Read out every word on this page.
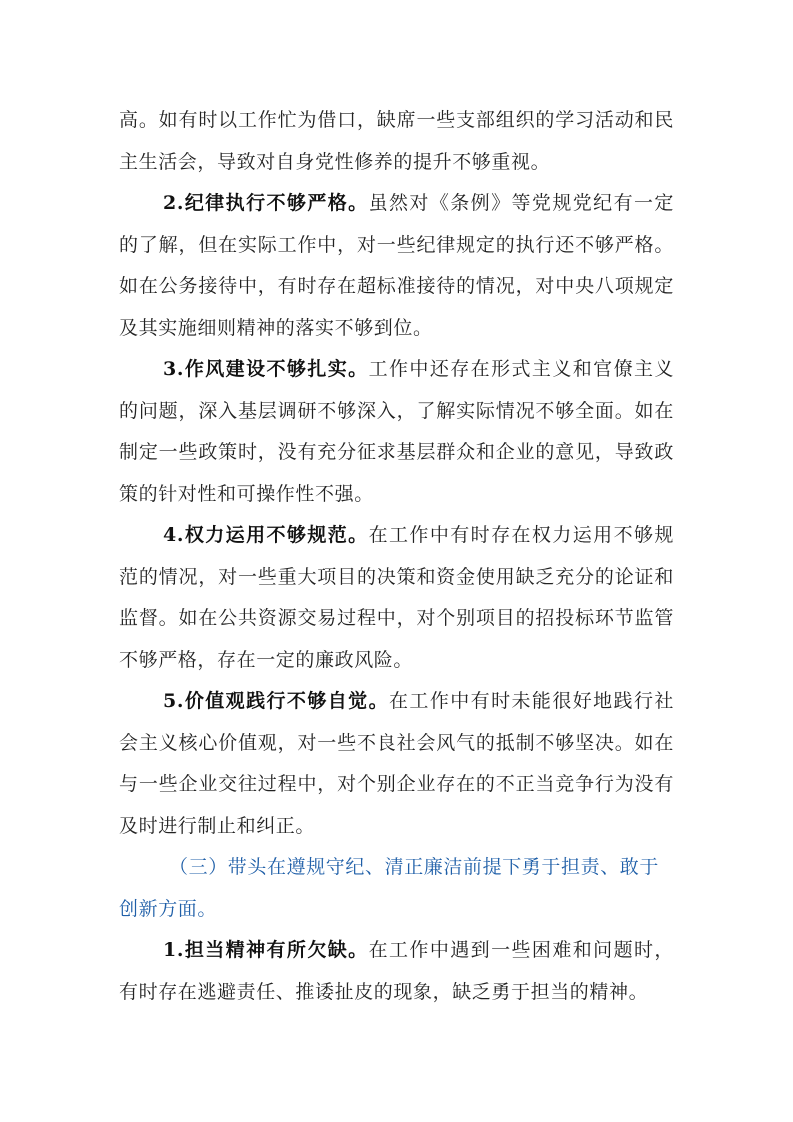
高。如有时以工作忙为借口，缺席一些支部组织的学习活动和民主生活会，导致对自身党性修养的提升不够重视。

2.纪律执行不够严格。虽然对《条例》等党规党纪有一定的了解，但在实际工作中，对一些纪律规定的执行还不够严格。如在公务接待中，有时存在超标准接待的情况，对中央八项规定及其实施细则精神的落实不够到位。

3.作风建设不够扎实。工作中还存在形式主义和官僚主义的问题，深入基层调研不够深入，了解实际情况不够全面。如在制定一些政策时，没有充分征求基层群众和企业的意见，导致政策的针对性和可操作性不强。

4.权力运用不够规范。在工作中有时存在权力运用不够规范的情况，对一些重大项目的决策和资金使用缺乏充分的论证和监督。如在公共资源交易过程中，对个别项目的招投标环节监管不够严格，存在一定的廉政风险。

5.价值观践行不够自觉。在工作中有时未能很好地践行社会主义核心价值观，对一些不良社会风气的抵制不够坚决。如在与一些企业交往过程中，对个别企业存在的不正当竞争行为没有及时进行制止和纠正。

（三）带头在遵规守纪、清正廉洁前提下勇于担责、敢于创新方面。

1.担当精神有所欠缺。在工作中遇到一些困难和问题时，有时存在逃避责任、推诿扯皮的现象，缺乏勇于担当的精神。
